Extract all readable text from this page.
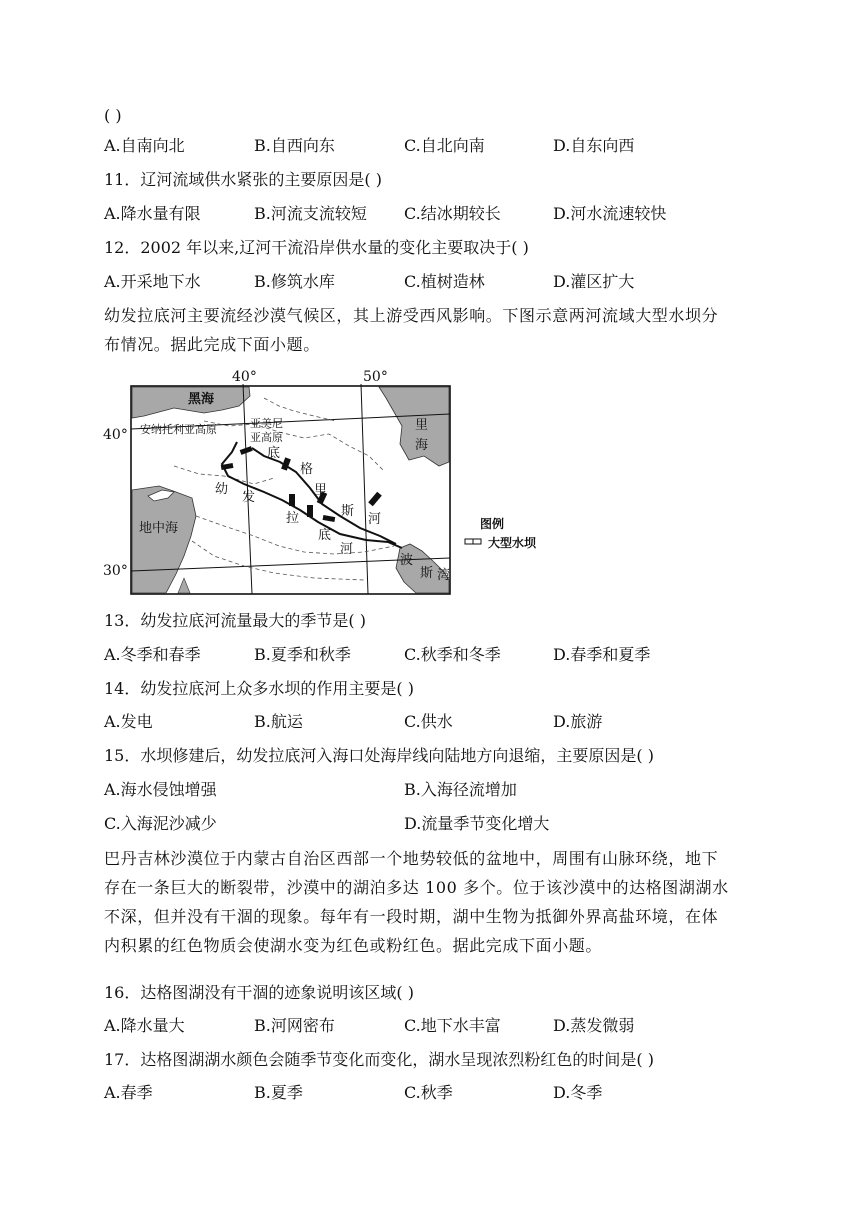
( )
A.自南向北	B.自西向东	C.自北向南	D.自东向西
11．辽河流域供水紧张的主要原因是( )
A.降水量有限	B.河流支流较短 C.结冰期较长	D.河水流速较快
12．2002 年以来,辽河干流沿岸供水量的变化主要取决于( )
A.开采地下水	B.修筑水库	C.植树造林	D.灌区扩大
幼发拉底河主要流经沙漠气候区，其上游受西风影响。下图示意两河流域大型水坝分
布情况。据此完成下面小题。
40°	50°
40°
30°
黑海
安纳托利亚高原	亚美尼
亚高原
里
海
地中海
幼
发
拉
底
河
底
格
里
斯
河
波
斯 湾
图例
大型水坝
13．幼发拉底河流量最大的季节是( )
A.冬季和春季	B.夏季和秋季	C.秋季和冬季	D.春季和夏季
14．幼发拉底河上众多水坝的作用主要是( )
A.发电	B.航运	C.供水	D.旅游
15．水坝修建后，幼发拉底河入海口处海岸线向陆地方向退缩，主要原因是( )
A.海水侵蚀增强	B.入海径流增加
C.入海泥沙减少	D.流量季节变化增大
巴丹吉林沙漠位于内蒙古自治区西部一个地势较低的盆地中，周围有山脉环绕，地下
存在一条巨大的断裂带，沙漠中的湖泊多达 100 多个。位于该沙漠中的达格图湖湖水
不深，但并没有干涸的现象。每年有一段时期，湖中生物为抵御外界高盐环境，在体
内积累的红色物质会使湖水变为红色或粉红色。据此完成下面小题。
16．达格图湖没有干涸的迹象说明该区域( )
A.降水量大	B.河网密布	C.地下水丰富	D.蒸发微弱
17．达格图湖湖水颜色会随季节变化而变化，湖水呈现浓烈粉红色的时间是( )
A.春季	B.夏季	C.秋季	D.冬季
